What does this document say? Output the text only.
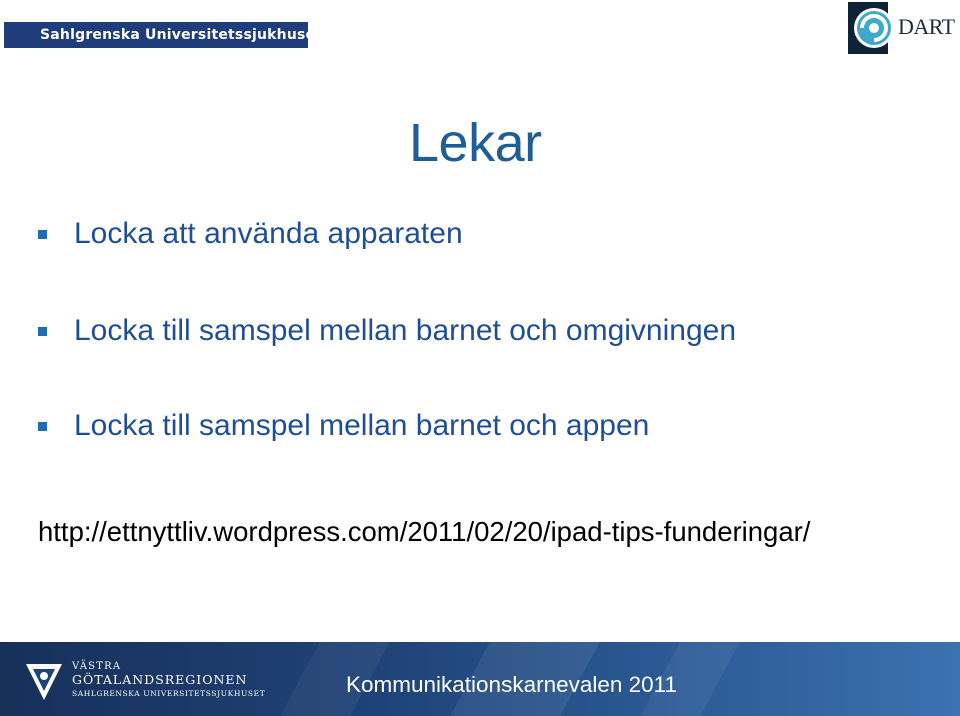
Sahlgrenska Universitetssjukhuset	DART
Lekar
Locka att använda apparaten
Locka till samspel mellan barnet och omgivningen
Locka till samspel mellan barnet och appen
http://ettnyttliv.wordpress.com/2011/02/20/ipad-tips-funderingar/
VÄSTRA
GÖTALANDSREGIONEN
SAHLGRENSKA UNIVERSITETSSJUKHUSET	Kommunikationskarnevalen 2011
